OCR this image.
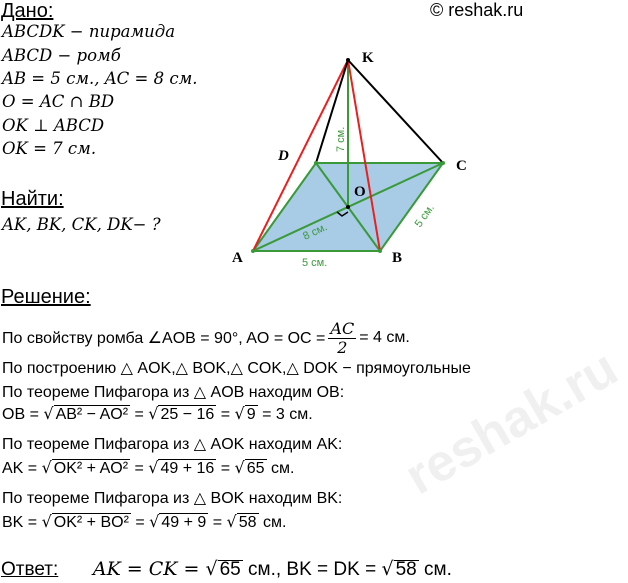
Дано:	© reshak.ru
ABCDK − пирамида
ABCD − ромб
AB = 5 см., AC = 8 см.
O = AC ∩ BD
OK ⊥ ABCD
OK = 7 см.
Найти:
AK, BK, CK, DK− ?
K
D
C
O
A	B
7 см.
8 см.
5 см.
5 см.
Решение:
По свойству ромба ∠AOB = 90°, AO = OC = $\frac{AC}{2} = 4$ см.
По построению △ AOK,△ BOK,△ COK,△ DOK − прямоугольные
По теореме Пифагора из △ AOB находим OB:
OB = √ AB² − AO² = √ 25 − 16 = √ 9 = 3 см.
По теореме Пифагора из △ AOK находим AK:
AK = √ OK² + AO² = √ 49 + 16 = √ 65 см.
По теореме Пифагора из △ BOK находим BK:
BK = √ OK² + BO² = √ 49 + 9 = √ 58 см.
Ответ: AK = CK = √ 65 см., BK = DK = √ 58 см.
reshak.ru
